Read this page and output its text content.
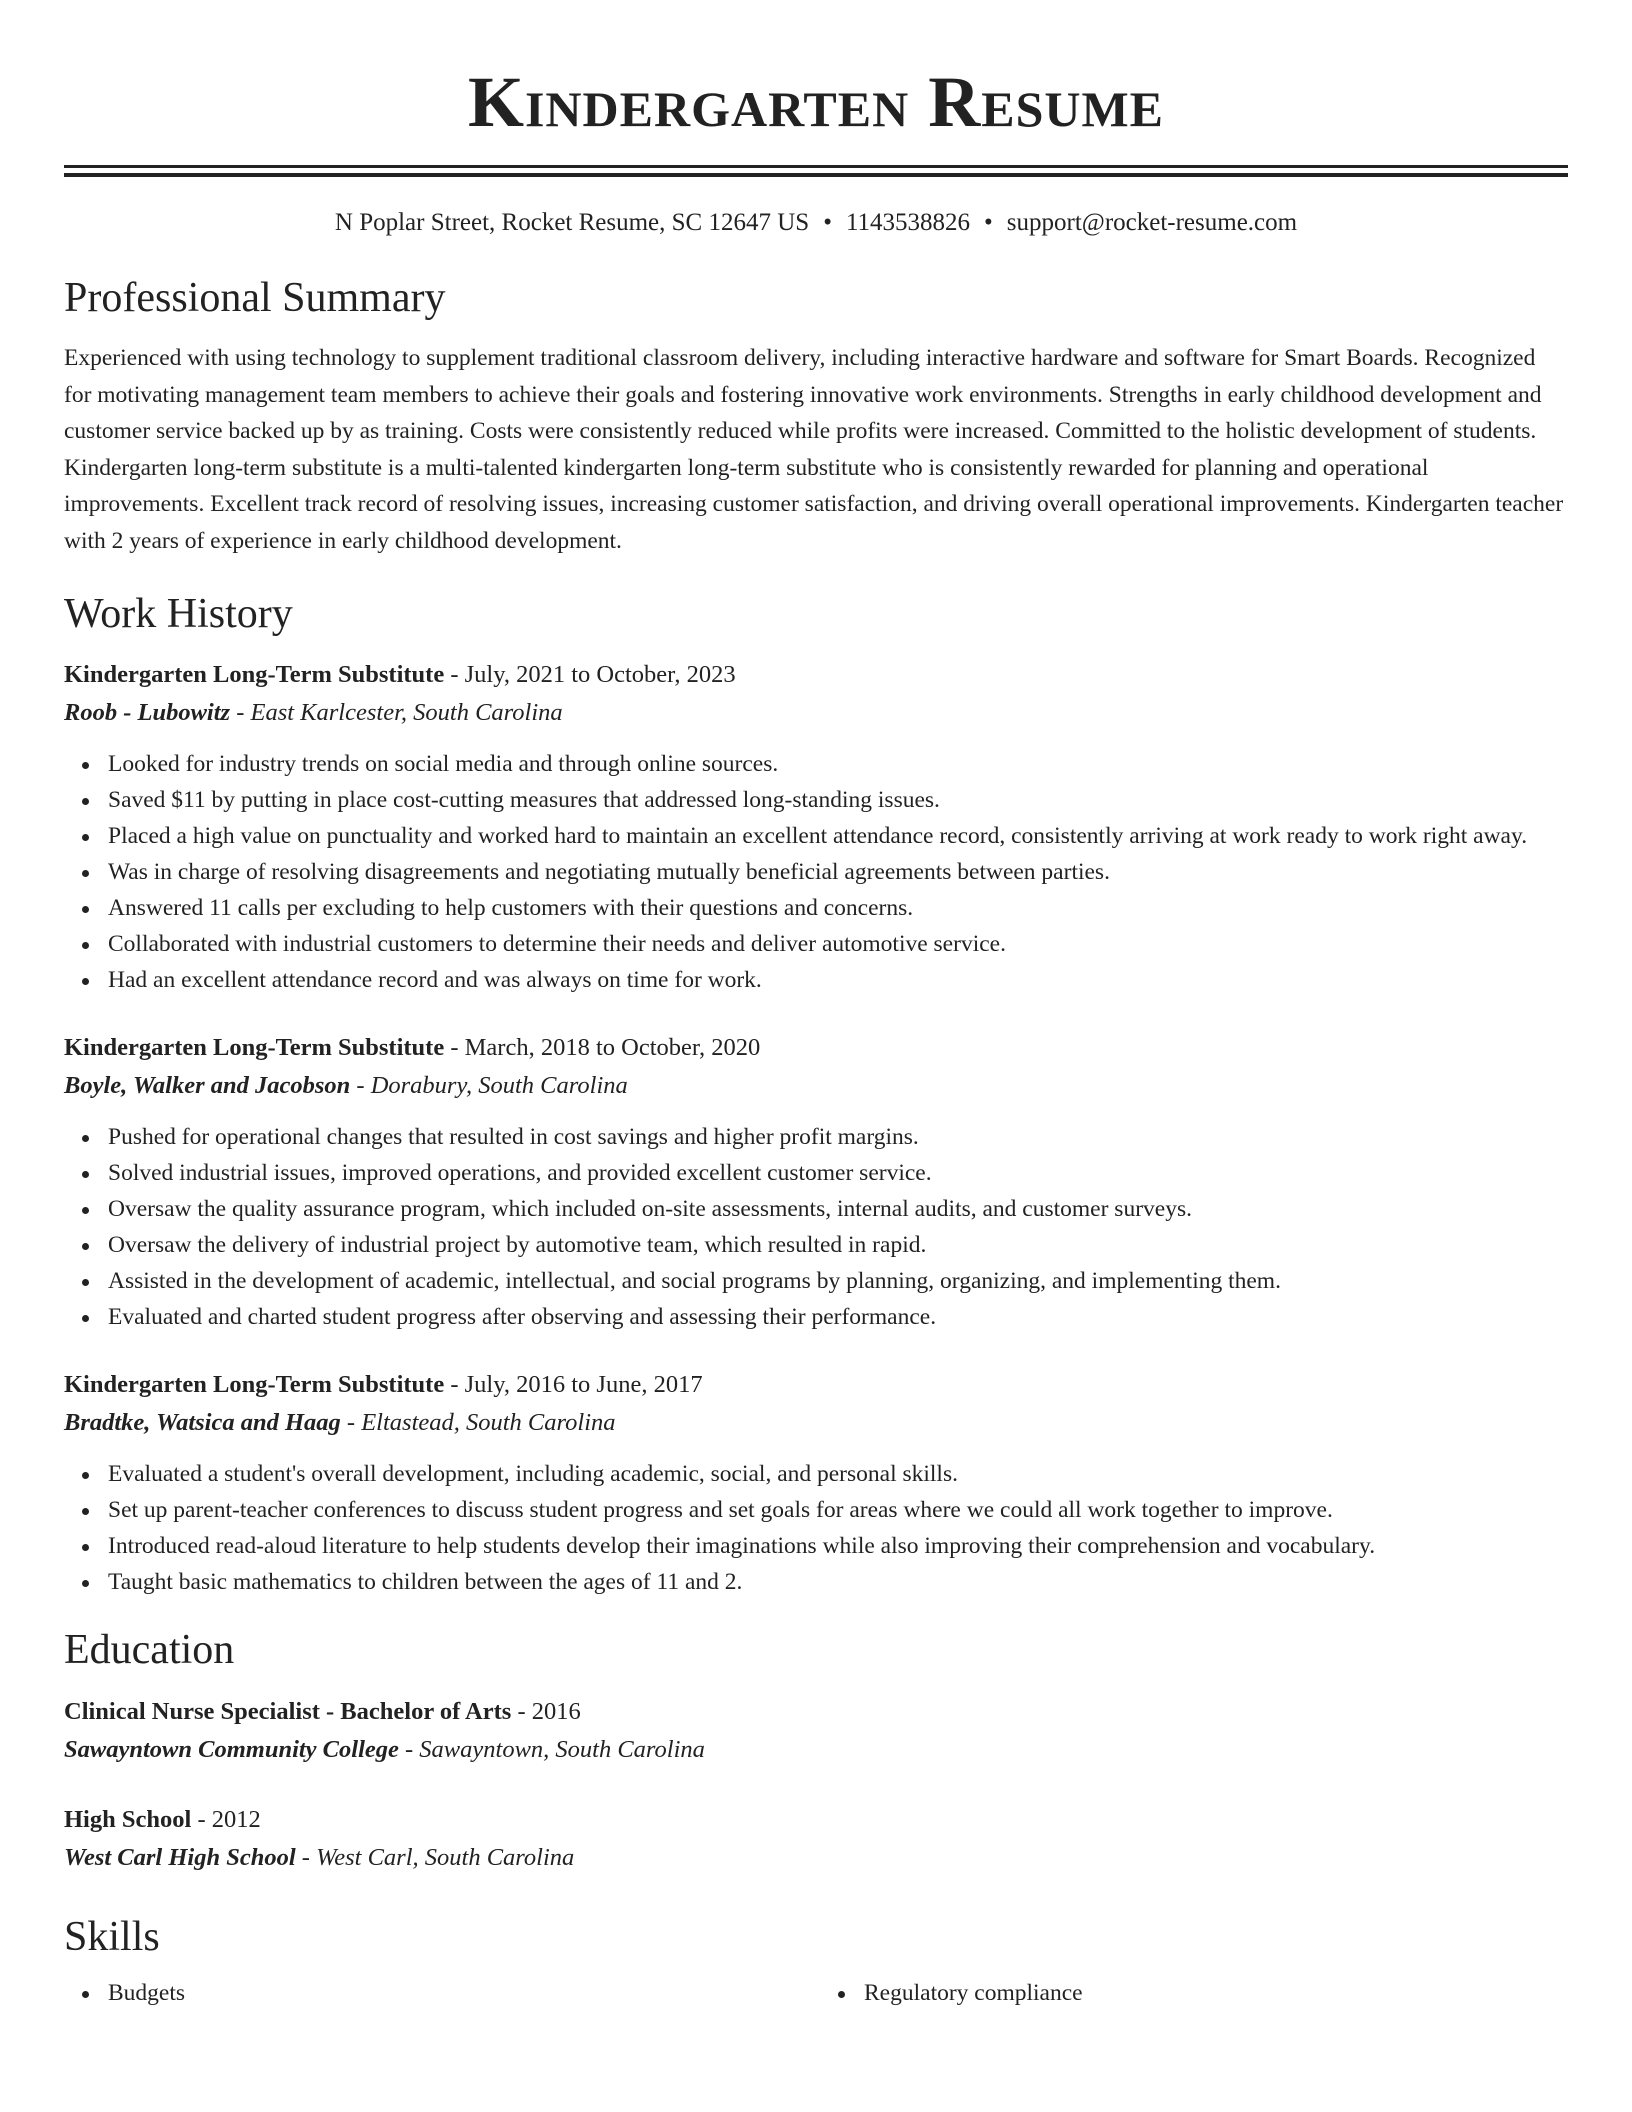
Kindergarten Resume
N Poplar Street, Rocket Resume, SC 12647 US • 1143538826 • support@rocket-resume.com
Professional Summary

Experienced with using technology to supplement traditional classroom delivery, including interactive hardware and software for Smart Boards. Recognized for motivating management team members to achieve their goals and fostering innovative work environments. Strengths in early childhood development and customer service backed up by as training. Costs were consistently reduced while profits were increased. Committed to the holistic development of students. Kindergarten long-term substitute is a multi-talented kindergarten long-term substitute who is consistently rewarded for planning and operational improvements. Excellent track record of resolving issues, increasing customer satisfaction, and driving overall operational improvements. Kindergarten teacher with 2 years of experience in early childhood development.

Work History
Kindergarten Long-Term Substitute - July, 2021 to October, 2023
Roob - Lubowitz - East Karlcester, South Carolina
Looked for industry trends on social media and through online sources.
Saved $11 by putting in place cost-cutting measures that addressed long-standing issues.
Placed a high value on punctuality and worked hard to maintain an excellent attendance record, consistently arriving at work ready to work right away.
Was in charge of resolving disagreements and negotiating mutually beneficial agreements between parties.
Answered 11 calls per excluding to help customers with their questions and concerns.
Collaborated with industrial customers to determine their needs and deliver automotive service.
Had an excellent attendance record and was always on time for work.
Kindergarten Long-Term Substitute - March, 2018 to October, 2020
Boyle, Walker and Jacobson - Dorabury, South Carolina
Pushed for operational changes that resulted in cost savings and higher profit margins.
Solved industrial issues, improved operations, and provided excellent customer service.
Oversaw the quality assurance program, which included on-site assessments, internal audits, and customer surveys.
Oversaw the delivery of industrial project by automotive team, which resulted in rapid.
Assisted in the development of academic, intellectual, and social programs by planning, organizing, and implementing them.
Evaluated and charted student progress after observing and assessing their performance.
Kindergarten Long-Term Substitute - July, 2016 to June, 2017
Bradtke, Watsica and Haag - Eltastead, South Carolina
Evaluated a student's overall development, including academic, social, and personal skills.
Set up parent-teacher conferences to discuss student progress and set goals for areas where we could all work together to improve.
Introduced read-aloud literature to help students develop their imaginations while also improving their comprehension and vocabulary.
Taught basic mathematics to children between the ages of 11 and 2.
Education
Clinical Nurse Specialist - Bachelor of Arts - 2016
Sawayntown Community College - Sawayntown, South Carolina
High School - 2012
West Carl High School - West Carl, South Carolina
Skills
Budgets	Regulatory compliance
